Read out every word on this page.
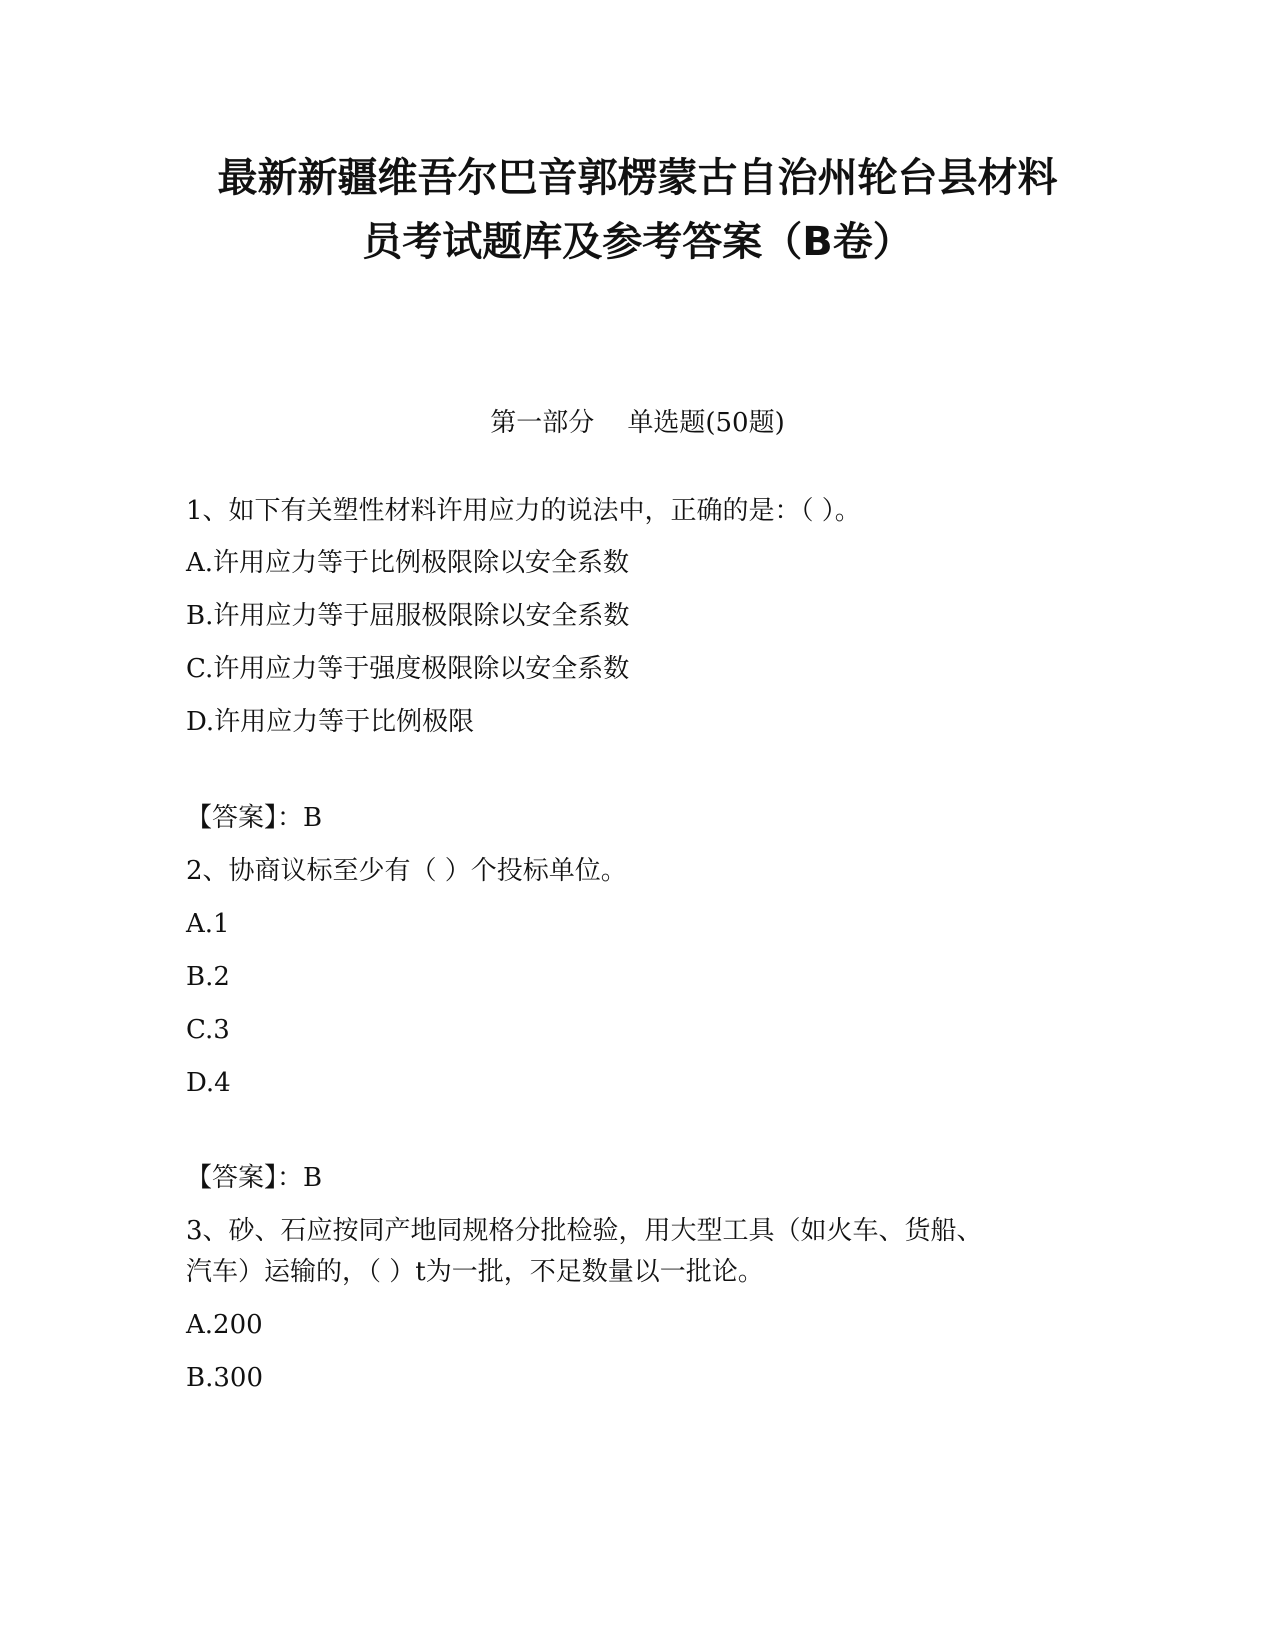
最新新疆维吾尔巴音郭楞蒙古自治州轮台县材料
员考试题库及参考答案（B卷）
第一部分    单选题(50题)
1、如下有关塑性材料许用应力的说法中，正确的是：（ ）。
A.许用应力等于比例极限除以安全系数
B.许用应力等于屈服极限除以安全系数
C.许用应力等于强度极限除以安全系数
D.许用应力等于比例极限
【答案】：B
2、协商议标至少有（ ）个投标单位。
A.1
B.2
C.3
D.4
【答案】：B
3、砂、石应按同产地同规格分批检验，用大型工具（如火车、货船、
汽车）运输的，（ ）t为一批，不足数量以一批论。
A.200
B.300
